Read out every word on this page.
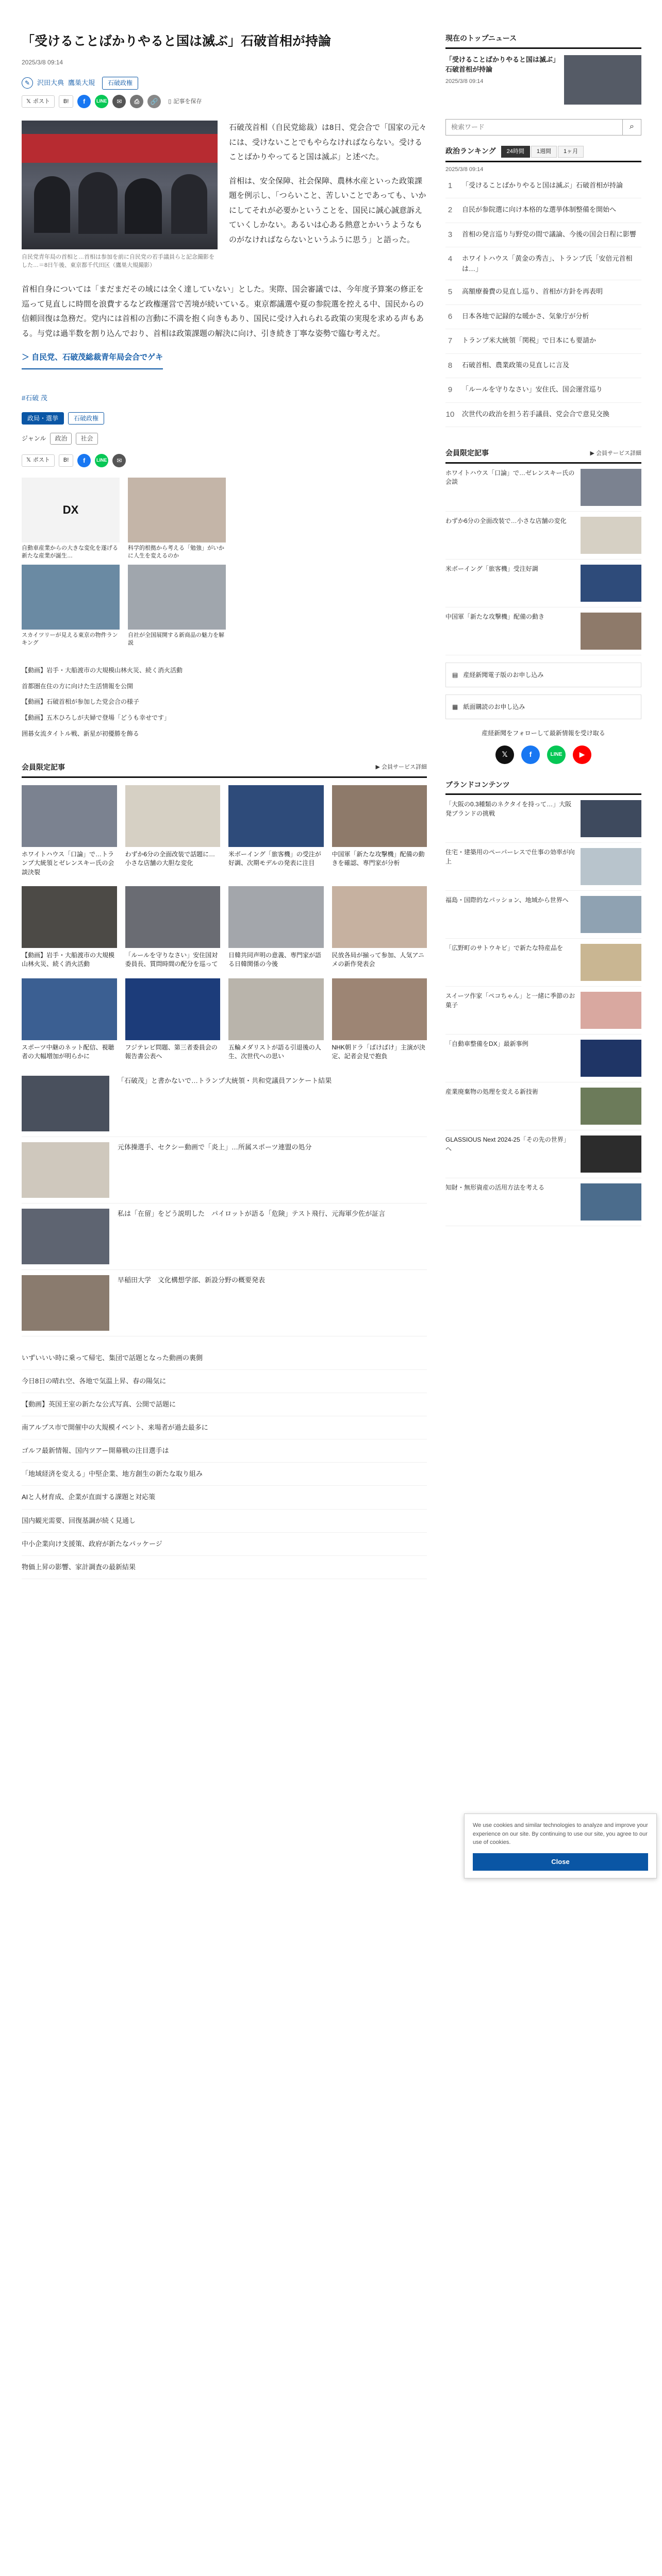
「受けることばかりやると国は滅ぶ」石破首相が持論
2025/3/8 09:14
✎	沢田大典 鷹巣大規	石破政権
𝕏 ポスト	B!	f	LINE	✉	⎙	🔗	▯ 記事を保存
自民党青年局の首相と…首相は参加を前に自民党の若手議員らと記念撮影をした…＝8日午後、東京都千代田区（鷹巣大規撮影）

石破茂首相（自民党総裁）は8日、党会合で「国家の元々には、受けないことでもやらなければならない。受けることばかりやってると国は滅ぶ」と述べた。

首相は、安全保障、社会保障、農林水産といった政策課題を例示し、「つらいこと、苦しいことであっても、いかにしてそれが必要かということを、国民に誠心誠意訴えていくしかない。あるいは心ある熱意とかいうようなものがなければならないというふうに思う」と語った。

首相自身については「まだまだその域には全く達していない」とした。実際、国会審議では、今年度予算案の修正を巡って見直しに時間を浪費するなど政権運営で苦境が続いている。東京都議選や夏の参院選を控える中、国民からの信頼回復は急務だ。党内には首相の言動に不満を抱く向きもあり、国民に受け入れられる政策の実現を求める声もある。与党は過半数を割り込んでおり、首相は政策課題の解決に向け、引き続き丁寧な姿勢で臨む考えだ。

＞ 自民党、石破茂総裁青年局会合でゲキ
#石破 茂
政局・選挙	石破政権
ジャンル	政治	社会
𝕏 ポスト	B!	f	LINE	✉
DX
自動車産業からの大きな変化を遂げる新たな産業が誕生…
スカイツリーが見える東京の物件ランキング
科学的根拠から考える「勉強」がいかに人生を変えるのか
自社が全国展開する新商品の魅力を解説
【動画】岩手・大船渡市の大規模山林火災、続く消火活動
首都圏在住の方に向けた生活情報を公開
【動画】石破首相が参加した党会合の様子
【動画】五木ひろしが夫婦で登場「どうも幸せです」
囲碁女流タイトル戦、新星が初優勝を飾る
会員限定記事	▶ 会員サービス詳細
ホワイトハウス「口論」で…トランプ大統領とゼレンスキー氏の会談決裂
わずか6分の全面改装で話題に…小さな店舗の大胆な変化
米ボーイング「旅客機」の受注が好調、次期モデルの発表に注目
中国軍「新たな攻撃機」配備の動きを確認、専門家が分析
【動画】岩手・大船渡市の大規模山林火災、続く消火活動
「ルールを守りなさい」安住国対委員長、質問時間の配分を巡って
日韓共同声明の意義、専門家が語る日韓関係の今後
民放各局が揃って参加、人気アニメの新作発表会
スポーツ中継のネット配信、視聴者の大幅増加が明らかに
フジテレビ問題、第三者委員会の報告書公表へ
五輪メダリストが語る引退後の人生、次世代への思い
NHK朝ドラ「ばけばけ」主演が決定、記者会見で抱負
「石破茂」と書かないで…トランプ大統領・共和党議員アンケート結果
元体操選手、セクシー動画で「炎上」…所属スポーツ連盟の処分
私は「在留」をどう説明した　パイロットが語る「危険」テスト飛行、元海軍少佐が証言
早稲田大学　文化構想学部、新設分野の概要発表
いずいいい時に乗って帰宅、集団で話題となった動画の裏側
今日8日の晴れ空、各地で気温上昇、春の陽気に
【動画】英国王室の新たな公式写真、公開で話題に
南アルプス市で開催中の大規模イベント、来場者が過去最多に
ゴルフ最新情報、国内ツアー開幕戦の注目選手は
「地域経済を変える」中堅企業、地方創生の新たな取り組み
AIと人材育成、企業が直面する課題と対応策
国内観光需要、回復基調が続く見通し
中小企業向け支援策、政府が新たなパッケージ
物価上昇の影響、家計調査の最新結果
現在のトップニュース
「受けることばかりやると国は滅ぶ」石破首相が持論
2025/3/8 09:14
検索ワード
⌕
政治ランキング	24時間	1週間	1ヶ月
2025/3/8 09:14
1	「受けることばかりやると国は滅ぶ」石破首相が持論
2	自民が参院選に向け本格的な選挙体制整備を開始へ
3	首相の発言巡り与野党の間で議論、今後の国会日程に影響
4	ホワイトハウス「黄金の秀吉」、トランプ氏「安倍元首相は…」
5	高額療養費の見直し巡り、首相が方針を再表明
6	日本各地で記録的な暖かさ、気象庁が分析
7	トランプ米大統領「関税」で日本にも要請か
8	石破首相、農業政策の見直しに言及
9	「ルールを守りなさい」安住氏、国会運営巡り
10 次世代の政治を担う若手議員、党会合で意見交換
会員限定記事	▶ 会員サービス詳細
ホワイトハウス「口論」で…ゼレンスキー氏の会談
わずか6分の全面改装で…小さな店舗の変化
米ボーイング「旅客機」受注好調
中国軍「新たな攻撃機」配備の動き
▤ 産経新聞電子版のお申し込み
▦ 紙面購読のお申し込み
産経新聞をフォローして最新情報を受け取る
𝕏	f	LINE	▶
ブランドコンテンツ
「大阪の0.3種類のネクタイを持って…」大阪発ブランドの挑戦
住宅・建築用のペーパーレスで仕事の効率が向上
福島・国際的なパッション、地域から世界へ
「広野町のサトウキビ」で新たな特産品を
スイーツ作家「ペコちゃん」と一緒に季節のお菓子
「自動車整備をDX」最新事例
産業廃棄物の処理を変える新技術
GLASSIOUS Next 2024-25「その先の世界」へ
知財・無形資産の活用方法を考える
We use cookies and similar technologies to analyze and improve your experience on our site. By continuing to use our site, you agree to our use of cookies.
Close
